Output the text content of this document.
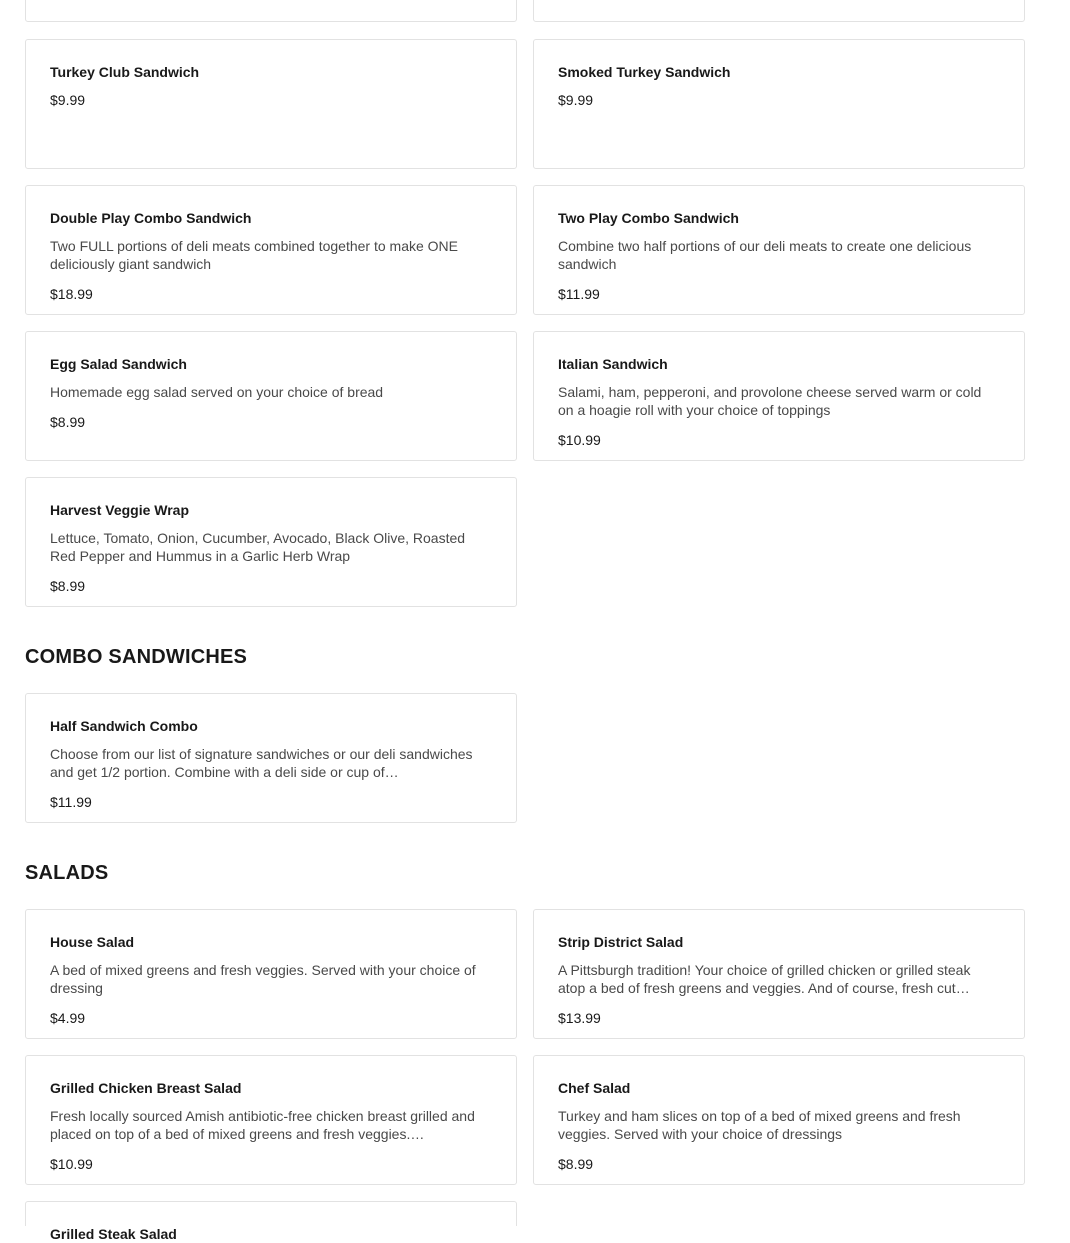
Turkey Club Sandwich
$9.99
Smoked Turkey Sandwich
$9.99
Double Play Combo Sandwich
Two FULL portions of deli meats combined together to make ONE deliciously giant sandwich
$18.99
Two Play Combo Sandwich
Combine two half portions of our deli meats to create one delicious sandwich
$11.99
Egg Salad Sandwich
Homemade egg salad served on your choice of bread
$8.99
Italian Sandwich
Salami, ham, pepperoni, and provolone cheese served warm or cold on a hoagie roll with your choice of toppings
$10.99
Harvest Veggie Wrap
Lettuce, Tomato, Onion, Cucumber, Avocado, Black Olive, Roasted Red Pepper and Hummus in a Garlic Herb Wrap
$8.99
COMBO SANDWICHES
Half Sandwich Combo
Choose from our list of signature sandwiches or our deli sandwiches and get 1/2 portion. Combine with a deli side or cup of…
$11.99
SALADS
House Salad
A bed of mixed greens and fresh veggies. Served with your choice of dressing
$4.99
Strip District Salad
A Pittsburgh tradition! Your choice of grilled chicken or grilled steak atop a bed of fresh greens and veggies. And of course, fresh cut…
$13.99
Grilled Chicken Breast Salad
Fresh locally sourced Amish antibiotic-free chicken breast grilled and placed on top of a bed of mixed greens and fresh veggies.…
$10.99
Chef Salad
Turkey and ham slices on top of a bed of mixed greens and fresh veggies. Served with your choice of dressings
$8.99
Grilled Steak Salad
